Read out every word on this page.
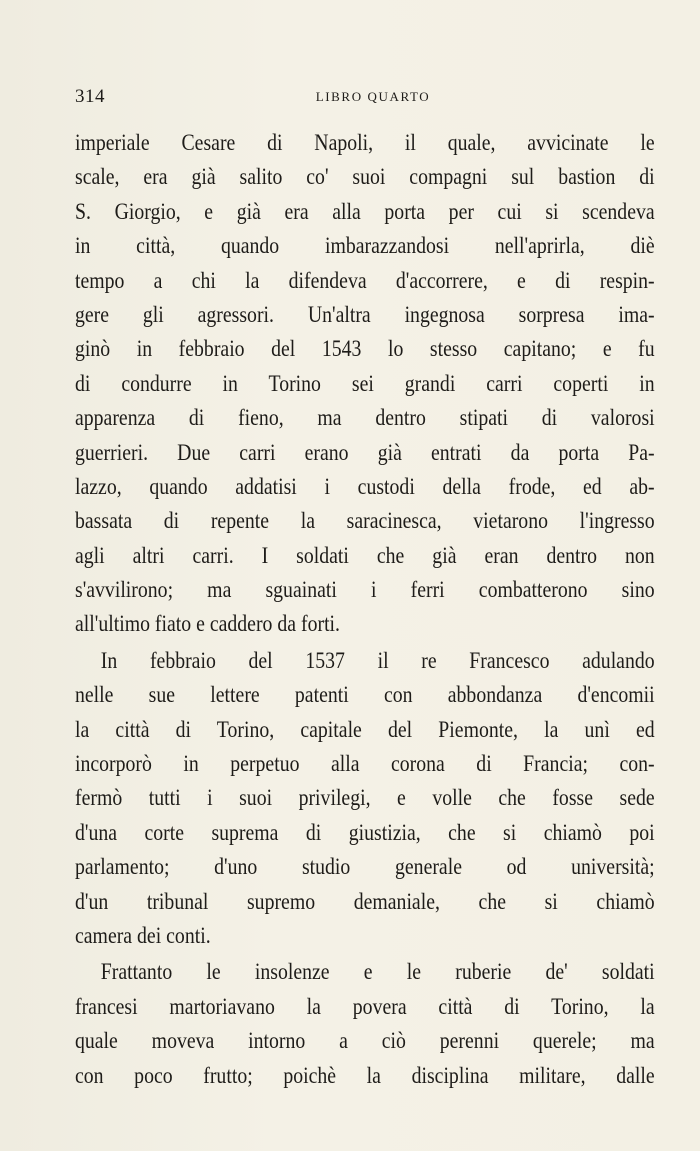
314	LIBRO QUARTO
imperiale Cesare di Napoli, il quale, avvicinate le
scale, era già salito co' suoi compagni sul bastion di
S. Giorgio, e già era alla porta per cui si scendeva
in città, quando imbarazzandosi nell'aprirla, diè
tempo a chi la difendeva d'accorrere, e di respin-
gere gli agressori. Un'altra ingegnosa sorpresa ima-
ginò in febbraio del 1543 lo stesso capitano; e fu
di condurre in Torino sei grandi carri coperti in
apparenza di fieno, ma dentro stipati di valorosi
guerrieri. Due carri erano già entrati da porta Pa-
lazzo, quando addatisi i custodi della frode, ed ab-
bassata di repente la saracinesca, vietarono l'ingresso
agli altri carri. I soldati che già eran dentro non
s'avvilirono; ma sguainati i ferri combatterono sino
all'ultimo fiato e caddero da forti.
In febbraio del 1537 il re Francesco adulando
nelle sue lettere patenti con abbondanza d'encomii
la città di Torino, capitale del Piemonte, la unì ed
incorporò in perpetuo alla corona di Francia; con-
fermò tutti i suoi privilegi, e volle che fosse sede
d'una corte suprema di giustizia, che si chiamò poi
parlamento; d'uno studio generale od università;
d'un tribunal supremo demaniale, che si chiamò
camera dei conti.
Frattanto le insolenze e le ruberie de' soldati
francesi martoriavano la povera città di Torino, la
quale moveva intorno a ciò perenni querele; ma
con poco frutto; poichè la disciplina militare, dalle
